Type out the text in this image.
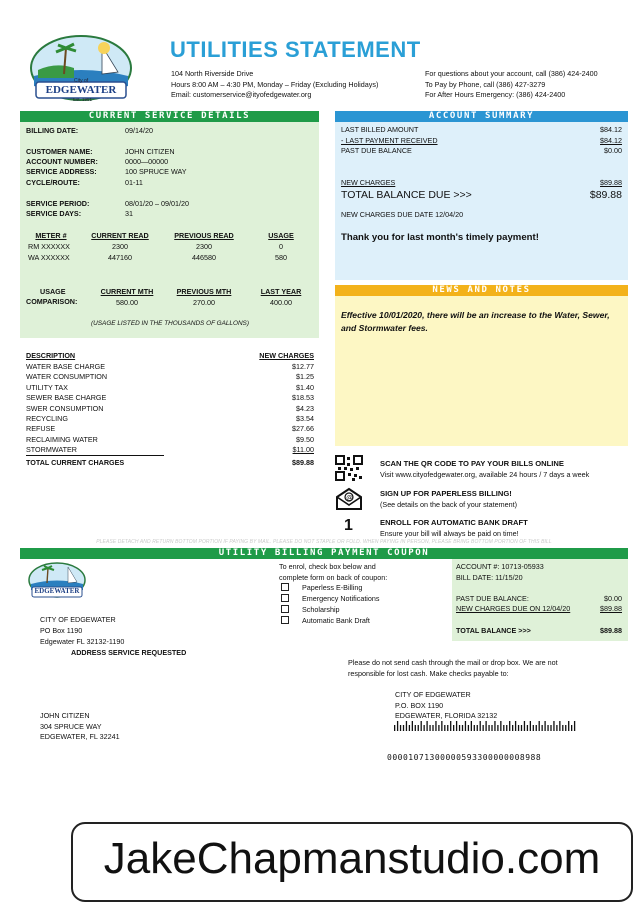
City of
EDGEWATER
Est. 1951
UTILITIES STATEMENT
104 North Riverside Drive
Hours 8:00 AM – 4:30 PM, Monday – Friday (Excluding Holidays)
Email: customerservice@ityofedgewater.org
For questions about your account, call (386) 424-2400
To Pay by Phone, call (386) 427-3279
For After Hours Emergency: (386) 424-2400
CURRENT SERVICE DETAILS
BILLING DATE:	09/14/20
CUSTOMER NAME:	JOHN CITIZEN
ACCOUNT NUMBER:	0000—00000
SERVICE ADDRESS:	100 SPRUCE WAY
CYCLE/ROUTE:	01-11
SERVICE PERIOD:	08/01/20 – 09/01/20
SERVICE DAYS:	31
METER #	CURRENT READ	PREVIOUS READ	USAGE
RM XXXXXX	2300	2300	0
WA XXXXXX	447160	446580	580
USAGE
COMPARISON:
CURRENT MTH	PREVIOUS MTH	LAST YEAR
580.00	270.00	400.00
(USAGE LISTED IN THE THOUSANDS OF GALLONS)
DESCRIPTION	NEW CHARGES
WATER BASE CHARGE	$12.77
WATER CONSUMPTION	$1.25
UTILITY TAX	$1.40
SEWER BASE CHARGE	$18.53
SWER CONSUMPTION	$4.23
RECYCLING	$3.54
REFUSE	$27.66
RECLAIMING WATER	$9.50
STORMWATER	$11.00
TOTAL CURRENT CHARGES	$89.88
ACCOUNT SUMMARY
LAST BILLED AMOUNT	$84.12
- LAST PAYMENT RECEIVED	$84.12
PAST DUE BALANCE	$0.00
NEW CHARGES	$89.88
TOTAL BALANCE DUE >>>	$89.88
NEW CHARGES DUE DATE 12/04/20
Thank you for last month's timely payment!
NEWS AND NOTES
Effective 10/01/2020, there will be an increase to the Water, Sewer, and Stormwater fees.
SCAN THE QR CODE TO PAY YOUR BILLS ONLINE
Visit www.cityofedgewater.org, available 24 hours / 7 days a week
@	SIGN UP FOR PAPERLESS BILLING!
(See details on the back of your statement)
1	ENROLL FOR AUTOMATIC BANK DRAFT
Ensure your bill will always be paid on time!
PLEASE DETACH AND RETURN BOTTOM PORTION IF PAYING BY MAIL. PLEASE DO NOT STAPLE OR FOLD. WHEN PAYING IN PERSON, PLEASE BRING BOTTOM PORTION OF THIS BILL
UTILITY BILLING PAYMENT COUPON
EDGEWATER
CITY OF EDGEWATER
PO Box 1190
Edgewater FL 32132-1190
ADDRESS SERVICE REQUESTED
To enrol, check box below and
complete form on back of coupon:
Paperless E-Billing
Emergency Notifications
Scholarship
Automatic Bank Draft
ACCOUNT #: 10713-05933
BILL DATE: 11/15/20
PAST DUE BALANCE:	$0.00
NEW CHARGES DUE ON 12/04/20	$89.88
TOTAL BALANCE >>>	$89.88
Please do not send cash through the mail or drop box. We are not
responsible for lost cash. Make checks payable to:
CITY OF EDGEWATER
P.O. BOX 1190
EDGEWATER, FLORIDA 32132
JOHN CITIZEN
304 SPRUCE WAY
EDGEWATER, FL 32241
00001071300000593300000008988
JakeChapmanstudio.com
